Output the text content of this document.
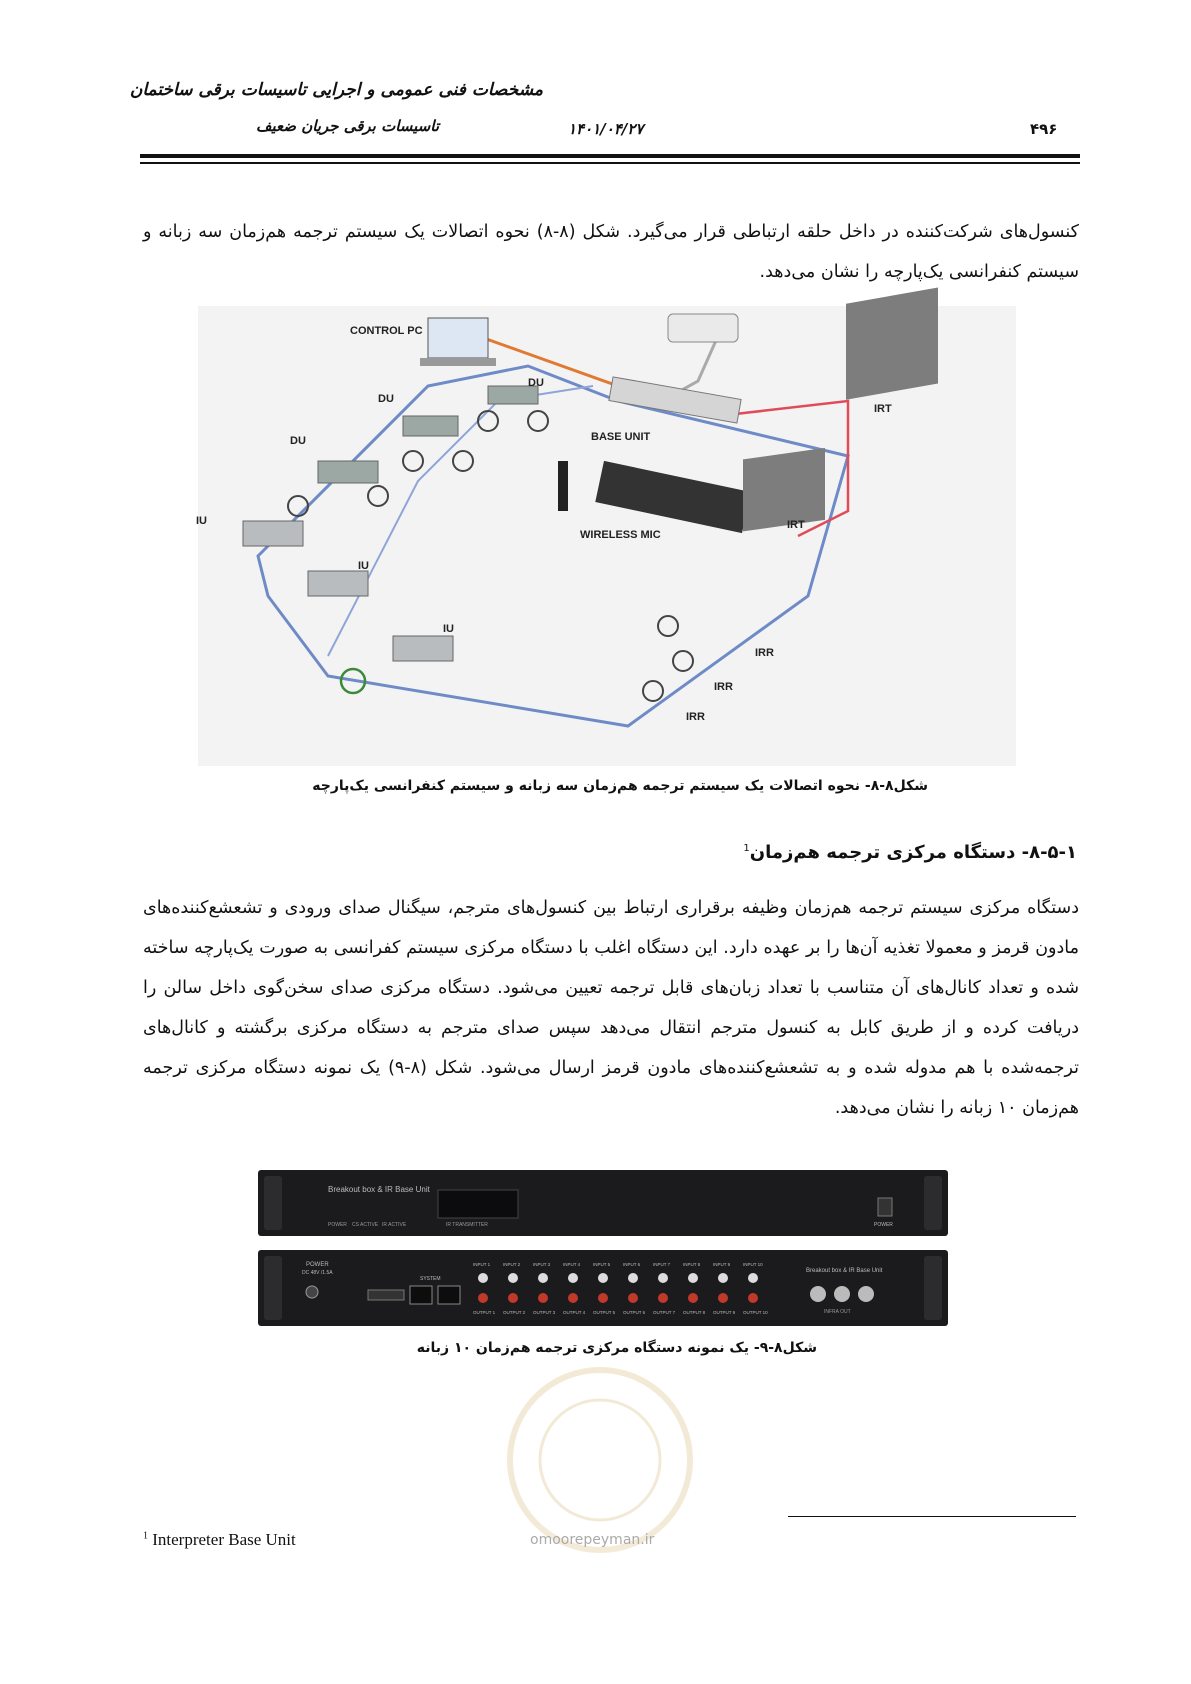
مشخصات فنی عمومی و اجرایی تاسیسات برقی ساختمان
تاسیسات برقی جریان ضعیف	۱۴۰۱/۰۴/۲۷	۴۹۶
کنسول‌های شرکت‌کننده در داخل حلقه ارتباطی قرار می‌گیرد. شکل (۸-۸) نحوه اتصالات یک سیستم ترجمه هم‌زمان سه زبانه و سیستم کنفرانسی یک‌پارچه را نشان می‌دهد.
CONTROL PC
DU
DU
DU	BASE UNIT
IRT
IRT
IU
IU
IU
WIRELESS MIC
IRR
IRR
IRR
شکل۸-۸- نحوه اتصالات یک سیستم ترجمه هم‌زمان سه زبانه و سیستم کنفرانسی یک‌پارچه
۸-۵-۱- دستگاه مرکزی ترجمه هم‌زمان$^1$
دستگاه مرکزی سیستم ترجمه هم‌زمان وظیفه برقراری ارتباط بین کنسول‌های مترجم، سیگنال صدای ورودی و تشعشع‌کننده‌های مادون قرمز و معمولا تغذیه آن‌ها را بر عهده دارد. این دستگاه اغلب با دستگاه مرکزی سیستم کفرانسی به صورت یک‌پارچه ساخته شده و تعداد کانال‌های آن متناسب با تعداد زبان‌های قابل ترجمه تعیین می‌شود. دستگاه مرکزی صدای سخن‌گوی داخل سالن را دریافت کرده و از طریق کابل به کنسول مترجم انتقال می‌دهد سپس صدای مترجم به دستگاه مرکزی برگشته و کانال‌های ترجمه‌شده با هم مدوله شده و به تشعشع‌کننده‌های مادون قرمز ارسال می‌شود. شکل (۸-۹) یک نمونه دستگاه مرکزی ترجمه هم‌زمان ۱۰ زبانه را نشان می‌دهد.
Breakout box & IR Base Unit
IR TRANSMITTER
POWER CS ACTIVE IR ACTIVE	POWER
POWER
DC 48V /1.5A
SYSTEM
INPUT 1
OUTPUT 1
INPUT 2
OUTPUT 2
INPUT 3
OUTPUT 3
INPUT 4
OUTPUT 4
INPUT 5
OUTPUT 5
INPUT 6
OUTPUT 6
INPUT 7
OUTPUT 7
INPUT 8
OUTPUT 8
INPUT 9
OUTPUT 9
INPUT 10
OUTPUT 10
Breakout box & IR Base Unit
INFRA OUT
شکل۸-۹- یک نمونه دستگاه مرکزی ترجمه هم‌زمان ۱۰ زبانه
omoorepeyman.ir
$^1$ Interpreter Base Unit
